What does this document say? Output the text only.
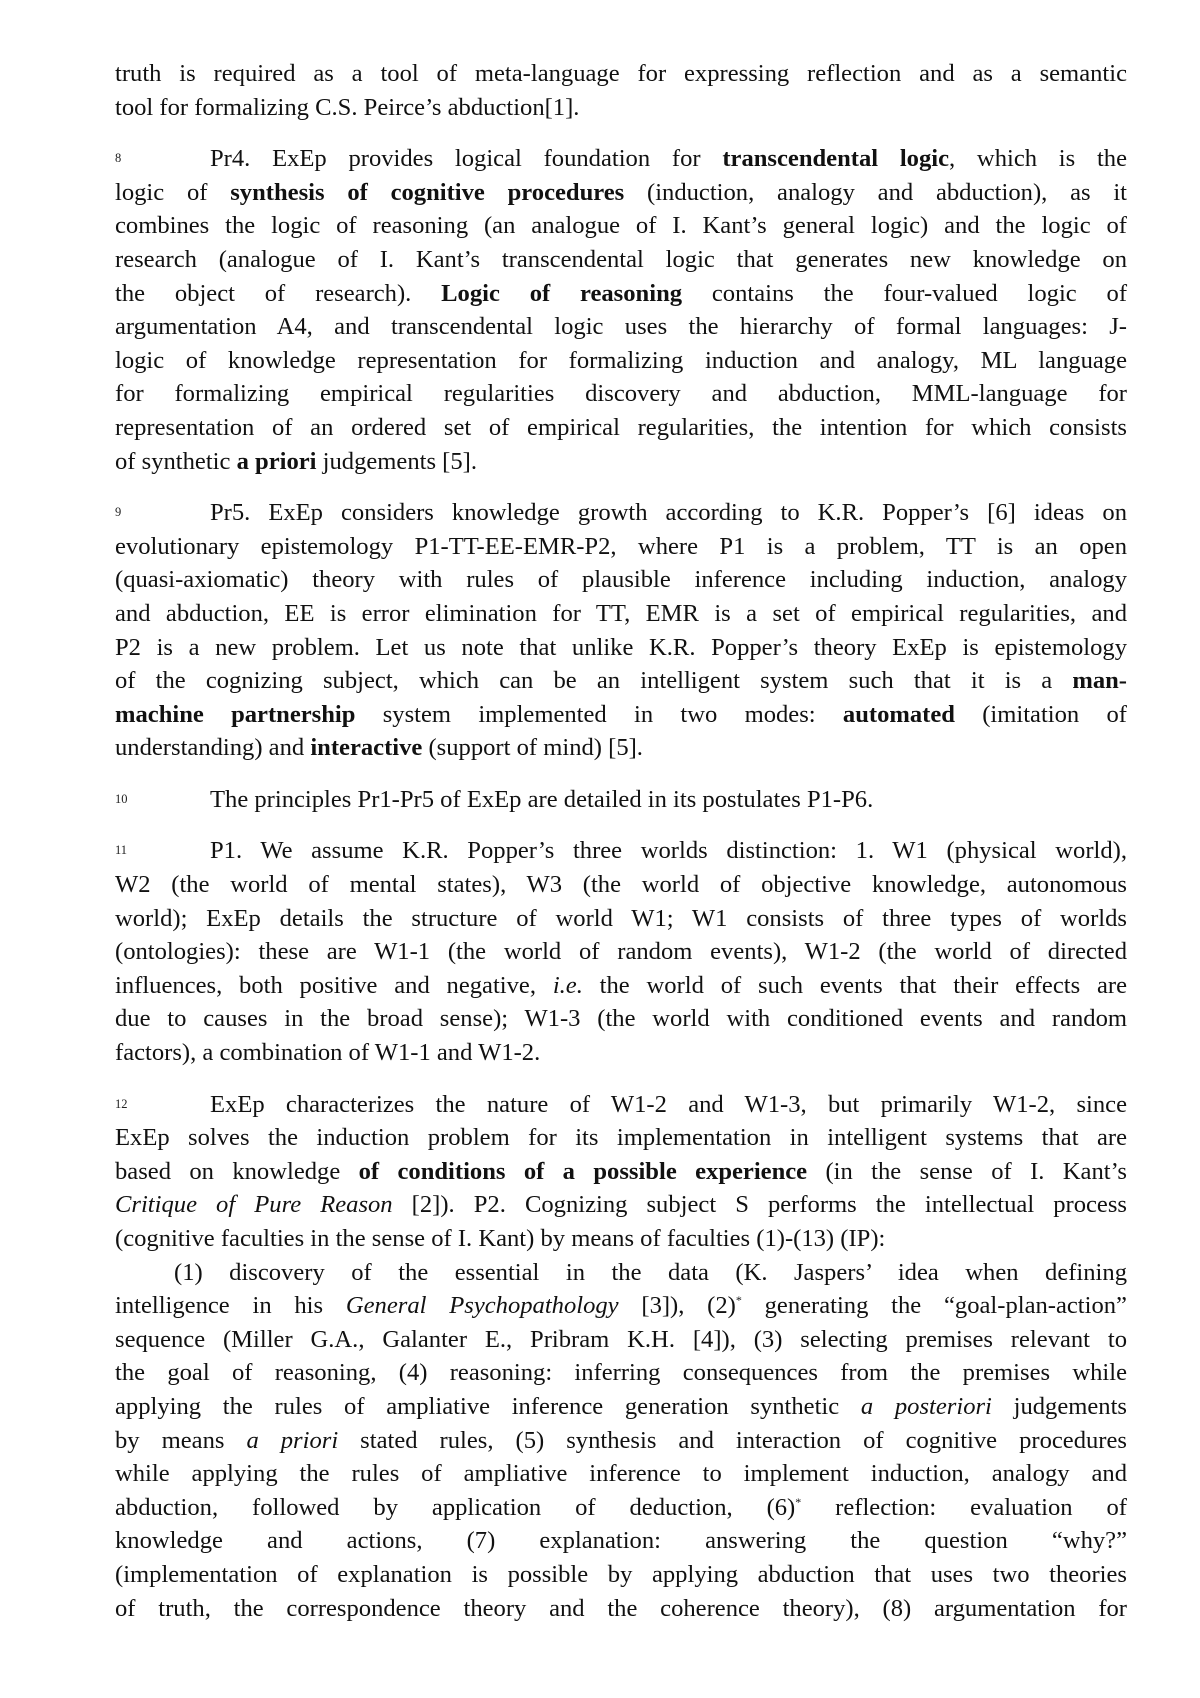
truth is required as a tool of meta-language for expressing reflection and as a semantic
tool for formalizing C.S. Peirce’s abduction[1].
8	Pr4. ExEp provides logical foundation for transcendental logic, which is the
logic of synthesis of cognitive procedures (induction, analogy and abduction), as it
combines the logic of reasoning (an analogue of I. Kant’s general logic) and the logic of
research (analogue of I. Kant’s transcendental logic that generates new knowledge on
the object of research). Logic of reasoning contains the four-valued logic of
argumentation A4, and transcendental logic uses the hierarchy of formal languages: J-
logic of knowledge representation for formalizing induction and analogy, ML language
for formalizing empirical regularities discovery and abduction, MML-language for
representation of an ordered set of empirical regularities, the intention for which consists
of synthetic a priori judgements [5].
9	Pr5. ExEp considers knowledge growth according to K.R. Popper’s [6] ideas on
evolutionary epistemology P1-TT-EE-EMR-P2, where P1 is a problem, TT is an open
(quasi-axiomatic) theory with rules of plausible inference including induction, analogy
and abduction, EE is error elimination for TT, EMR is a set of empirical regularities, and
P2 is a new problem. Let us note that unlike K.R. Popper’s theory ExEp is epistemology
of the cognizing subject, which can be an intelligent system such that it is a man-
machine partnership system implemented in two modes: automated (imitation of
understanding) and interactive (support of mind) [5].
10	The principles Pr1-Pr5 of ExEp are detailed in its postulates P1-P6.
11	P1. We assume K.R. Popper’s three worlds distinction: 1. W1 (physical world),
W2 (the world of mental states), W3 (the world of objective knowledge, autonomous
world); ExEp details the structure of world W1; W1 consists of three types of worlds
(ontologies): these are W1-1 (the world of random events), W1-2 (the world of directed
influences, both positive and negative, i.e. the world of such events that their effects are
due to causes in the broad sense); W1-3 (the world with conditioned events and random
factors), a combination of W1-1 and W1-2.
12	ExEp characterizes the nature of W1-2 and W1-3, but primarily W1-2, since
ExEp solves the induction problem for its implementation in intelligent systems that are
based on knowledge of conditions of a possible experience (in the sense of I. Kant’s
Critique of Pure Reason [2]). P2. Cognizing subject S performs the intellectual process
(cognitive faculties in the sense of I. Kant) by means of faculties (1)-(13) (IP):
(1) discovery of the essential in the data (K. Jaspers’ idea when defining
intelligence in his General Psychopathology [3]), (2)* generating the “goal-plan-action”
sequence (Miller G.A., Galanter E., Pribram K.H. [4]), (3) selecting premises relevant to
the goal of reasoning, (4) reasoning: inferring consequences from the premises while
applying the rules of ampliative inference generation synthetic a posteriori judgements
by means a priori stated rules, (5) synthesis and interaction of cognitive procedures
while applying the rules of ampliative inference to implement induction, analogy and
abduction, followed by application of deduction, (6)* reflection: evaluation of
knowledge and actions, (7) explanation: answering the question “why?”
(implementation of explanation is possible by applying abduction that uses two theories
of truth, the correspondence theory and the coherence theory), (8) argumentation for
